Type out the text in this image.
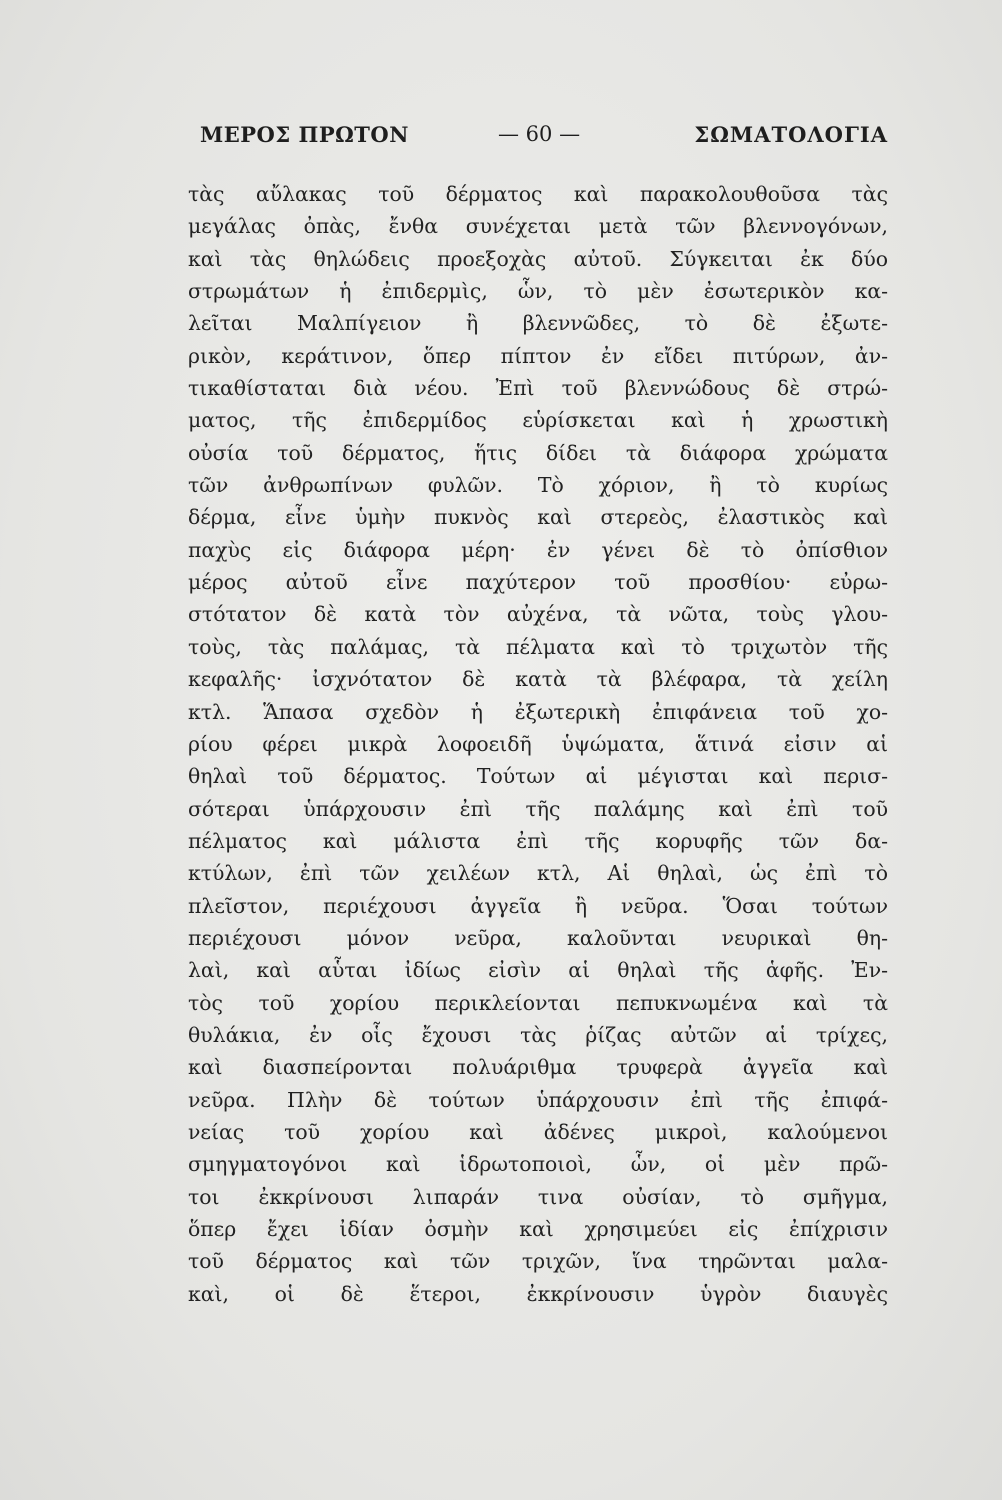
ΜΕΡΟΣ ΠΡΩΤΟΝ	— 60 —	ΣΩΜΑΤΟΛΟΓΙΑ
τὰς αὔλακας τοῦ δέρματος καὶ παρακολουθοῦσα τὰς
μεγάλας ὀπὰς, ἔνθα συνέχεται μετὰ τῶν βλεννογόνων,
καὶ τὰς θηλώδεις προεξοχὰς αὐτοῦ. Σύγκειται ἐκ δύο
στρωμάτων ἡ ἐπιδερμὶς, ὧν, τὸ μὲν ἐσωτερικὸν κα-
λεῖται Μαλπίγειον ἢ βλεννῶδες, τὸ δὲ ἐξωτε-
ρικὸν, κεράτινον, ὅπερ πίπτον ἐν εἴδει πιτύρων, ἀν-
τικαθίσταται διὰ νέου. Ἐπὶ τοῦ βλεννώδους δὲ στρώ-
ματος, τῆς ἐπιδερμίδος εὑρίσκεται καὶ ἡ χρωστικὴ
οὐσία τοῦ δέρματος, ἥτις δίδει τὰ διάφορα χρώματα
τῶν ἀνθρωπίνων φυλῶν. Τὸ χόριον, ἢ τὸ κυρίως
δέρμα, εἶνε ὑμὴν πυκνὸς καὶ στερεὸς, ἐλαστικὸς καὶ
παχὺς εἰς διάφορα μέρη· ἐν γένει δὲ τὸ ὀπίσθιον
μέρος αὐτοῦ εἶνε παχύτερον τοῦ προσθίου· εὐρω-
στότατον δὲ κατὰ τὸν αὐχένα, τὰ νῶτα, τοὺς γλου-
τοὺς, τὰς παλάμας, τὰ πέλματα καὶ τὸ τριχωτὸν τῆς
κεφαλῆς· ἰσχνότατον δὲ κατὰ τὰ βλέφαρα, τὰ χείλη
κτλ. Ἅπασα σχεδὸν ἡ ἐξωτερικὴ ἐπιφάνεια τοῦ χο-
ρίου φέρει μικρὰ λοφοειδῆ ὑψώματα, ἅτινά εἰσιν αἱ
θηλαὶ τοῦ δέρματος. Τούτων αἱ μέγισται καὶ περισ-
σότεραι ὑπάρχουσιν ἐπὶ τῆς παλάμης καὶ ἐπὶ τοῦ
πέλματος καὶ μάλιστα ἐπὶ τῆς κορυφῆς τῶν δα-
κτύλων, ἐπὶ τῶν χειλέων κτλ, Αἱ θηλαὶ, ὡς ἐπὶ τὸ
πλεῖστον, περιέχουσι ἀγγεῖα ἢ νεῦρα. Ὅσαι τούτων
περιέχουσι μόνον νεῦρα, καλοῦνται νευρικαὶ θη-
λαὶ, καὶ αὗται ἰδίως εἰσὶν αἱ θηλαὶ τῆς ἁφῆς. Ἐν-
τὸς τοῦ χορίου περικλείονται πεπυκνωμένα καὶ τὰ
θυλάκια, ἐν οἷς ἔχουσι τὰς ῥίζας αὐτῶν αἱ τρίχες,
καὶ διασπείρονται πολυάριθμα τρυφερὰ ἀγγεῖα καὶ
νεῦρα. Πλὴν δὲ τούτων ὑπάρχουσιν ἐπὶ τῆς ἐπιφά-
νείας τοῦ χορίου καὶ ἀδένες μικροὶ, καλούμενοι
σμηγματογόνοι καὶ ἱδρωτοποιοὶ, ὧν, οἱ μὲν πρῶ-
τοι ἐκκρίνουσι λιπαράν τινα οὐσίαν, τὸ σμῆγμα,
ὅπερ ἔχει ἰδίαν ὀσμὴν καὶ χρησιμεύει εἰς ἐπίχρισιν
τοῦ δέρματος καὶ τῶν τριχῶν, ἵνα τηρῶνται μαλα-
καὶ, οἱ δὲ ἕτεροι, ἐκκρίνουσιν ὑγρὸν διαυγὲς
